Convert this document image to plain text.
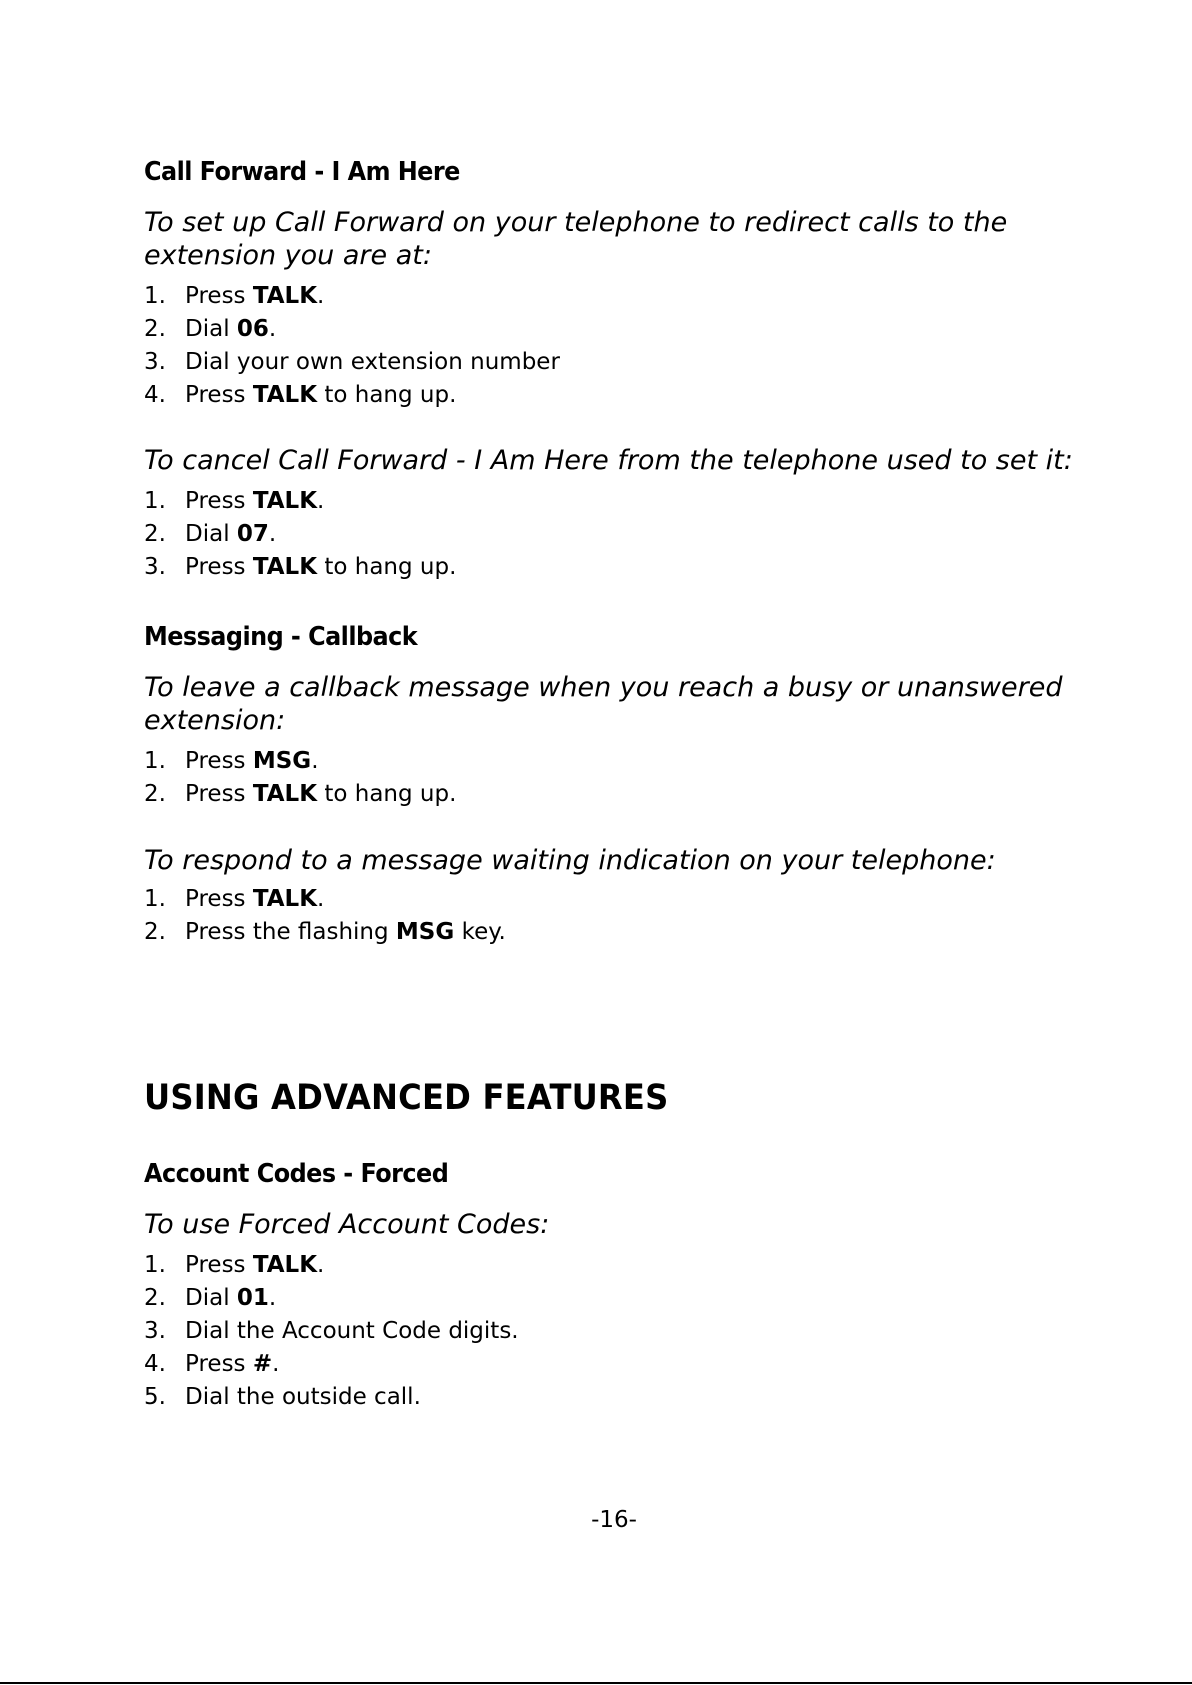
Call Forward - I Am Here

To set up Call Forward on your telephone to redirect calls to the extension you are at:

1. Press TALK.
2. Dial 06.
3. Dial your own extension number
4. Press TALK to hang up.

To cancel Call Forward - I Am Here from the telephone used to set it:

1. Press TALK.
2. Dial 07.
3. Press TALK to hang up.
Messaging - Callback

To leave a callback message when you reach a busy or unanswered extension:

1. Press MSG.
2. Press TALK to hang up.

To respond to a message waiting indication on your telephone:

1. Press TALK.
2. Press the flashing MSG key.
USING ADVANCED FEATURES
Account Codes - Forced

To use Forced Account Codes:

1. Press TALK.
2. Dial 01.
3. Dial the Account Code digits.
4. Press #.
5. Dial the outside call.
-16-
